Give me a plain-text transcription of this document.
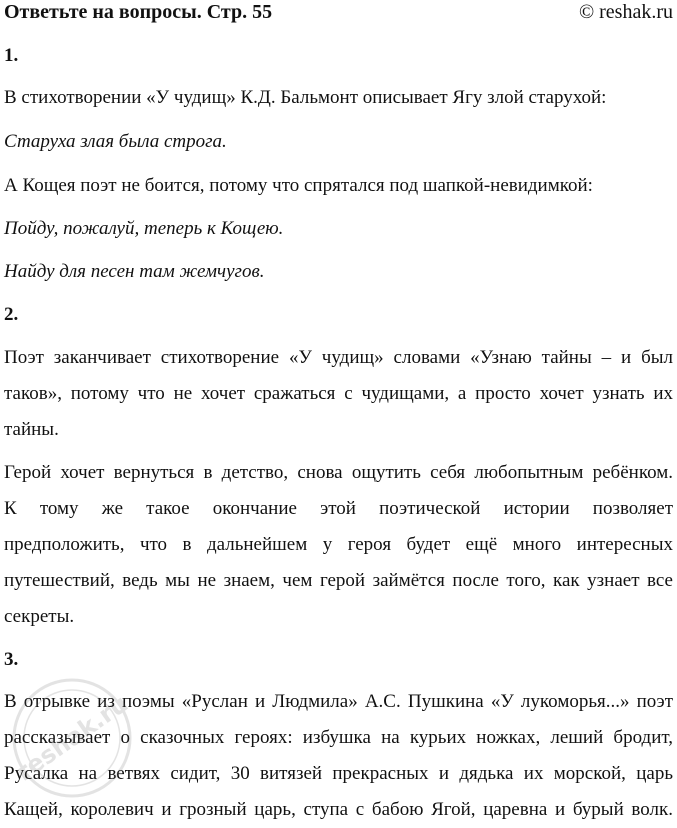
Ответьте на вопросы. Стр. 55	© reshak.ru
1.
В стихотворении «У чудищ» К.Д. Бальмонт описывает Ягу злой старухой:
Старуха злая была строга.
А Кощея поэт не боится, потому что спрятался под шапкой-невидимкой:
Пойду, пожалуй, теперь к Кощею.
Найду для песен там жемчугов.
2.
Поэт заканчивает стихотворение «У чудищ» словами «Узнаю тайны – и был
таков», потому что не хочет сражаться с чудищами, а просто хочет узнать их
тайны.
Герой хочет вернуться в детство, снова ощутить себя любопытным ребёнком.
К тому же такое окончание этой поэтической истории позволяет
предположить, что в дальнейшем у героя будет ещё много интересных
путешествий, ведь мы не знаем, чем герой займётся после того, как узнает все
секреты.
3.
В отрывке из поэмы «Руслан и Людмила» А.С. Пушкина «У лукоморья...» поэт
рассказывает о сказочных героях: избушка на курьих ножках, леший бродит,
Русалка на ветвях сидит, 30 витязей прекрасных и дядька их морской, царь
Кащей, королевич и грозный царь, ступа с бабою Ягой, царевна и бурый волк.
reshak.ru
